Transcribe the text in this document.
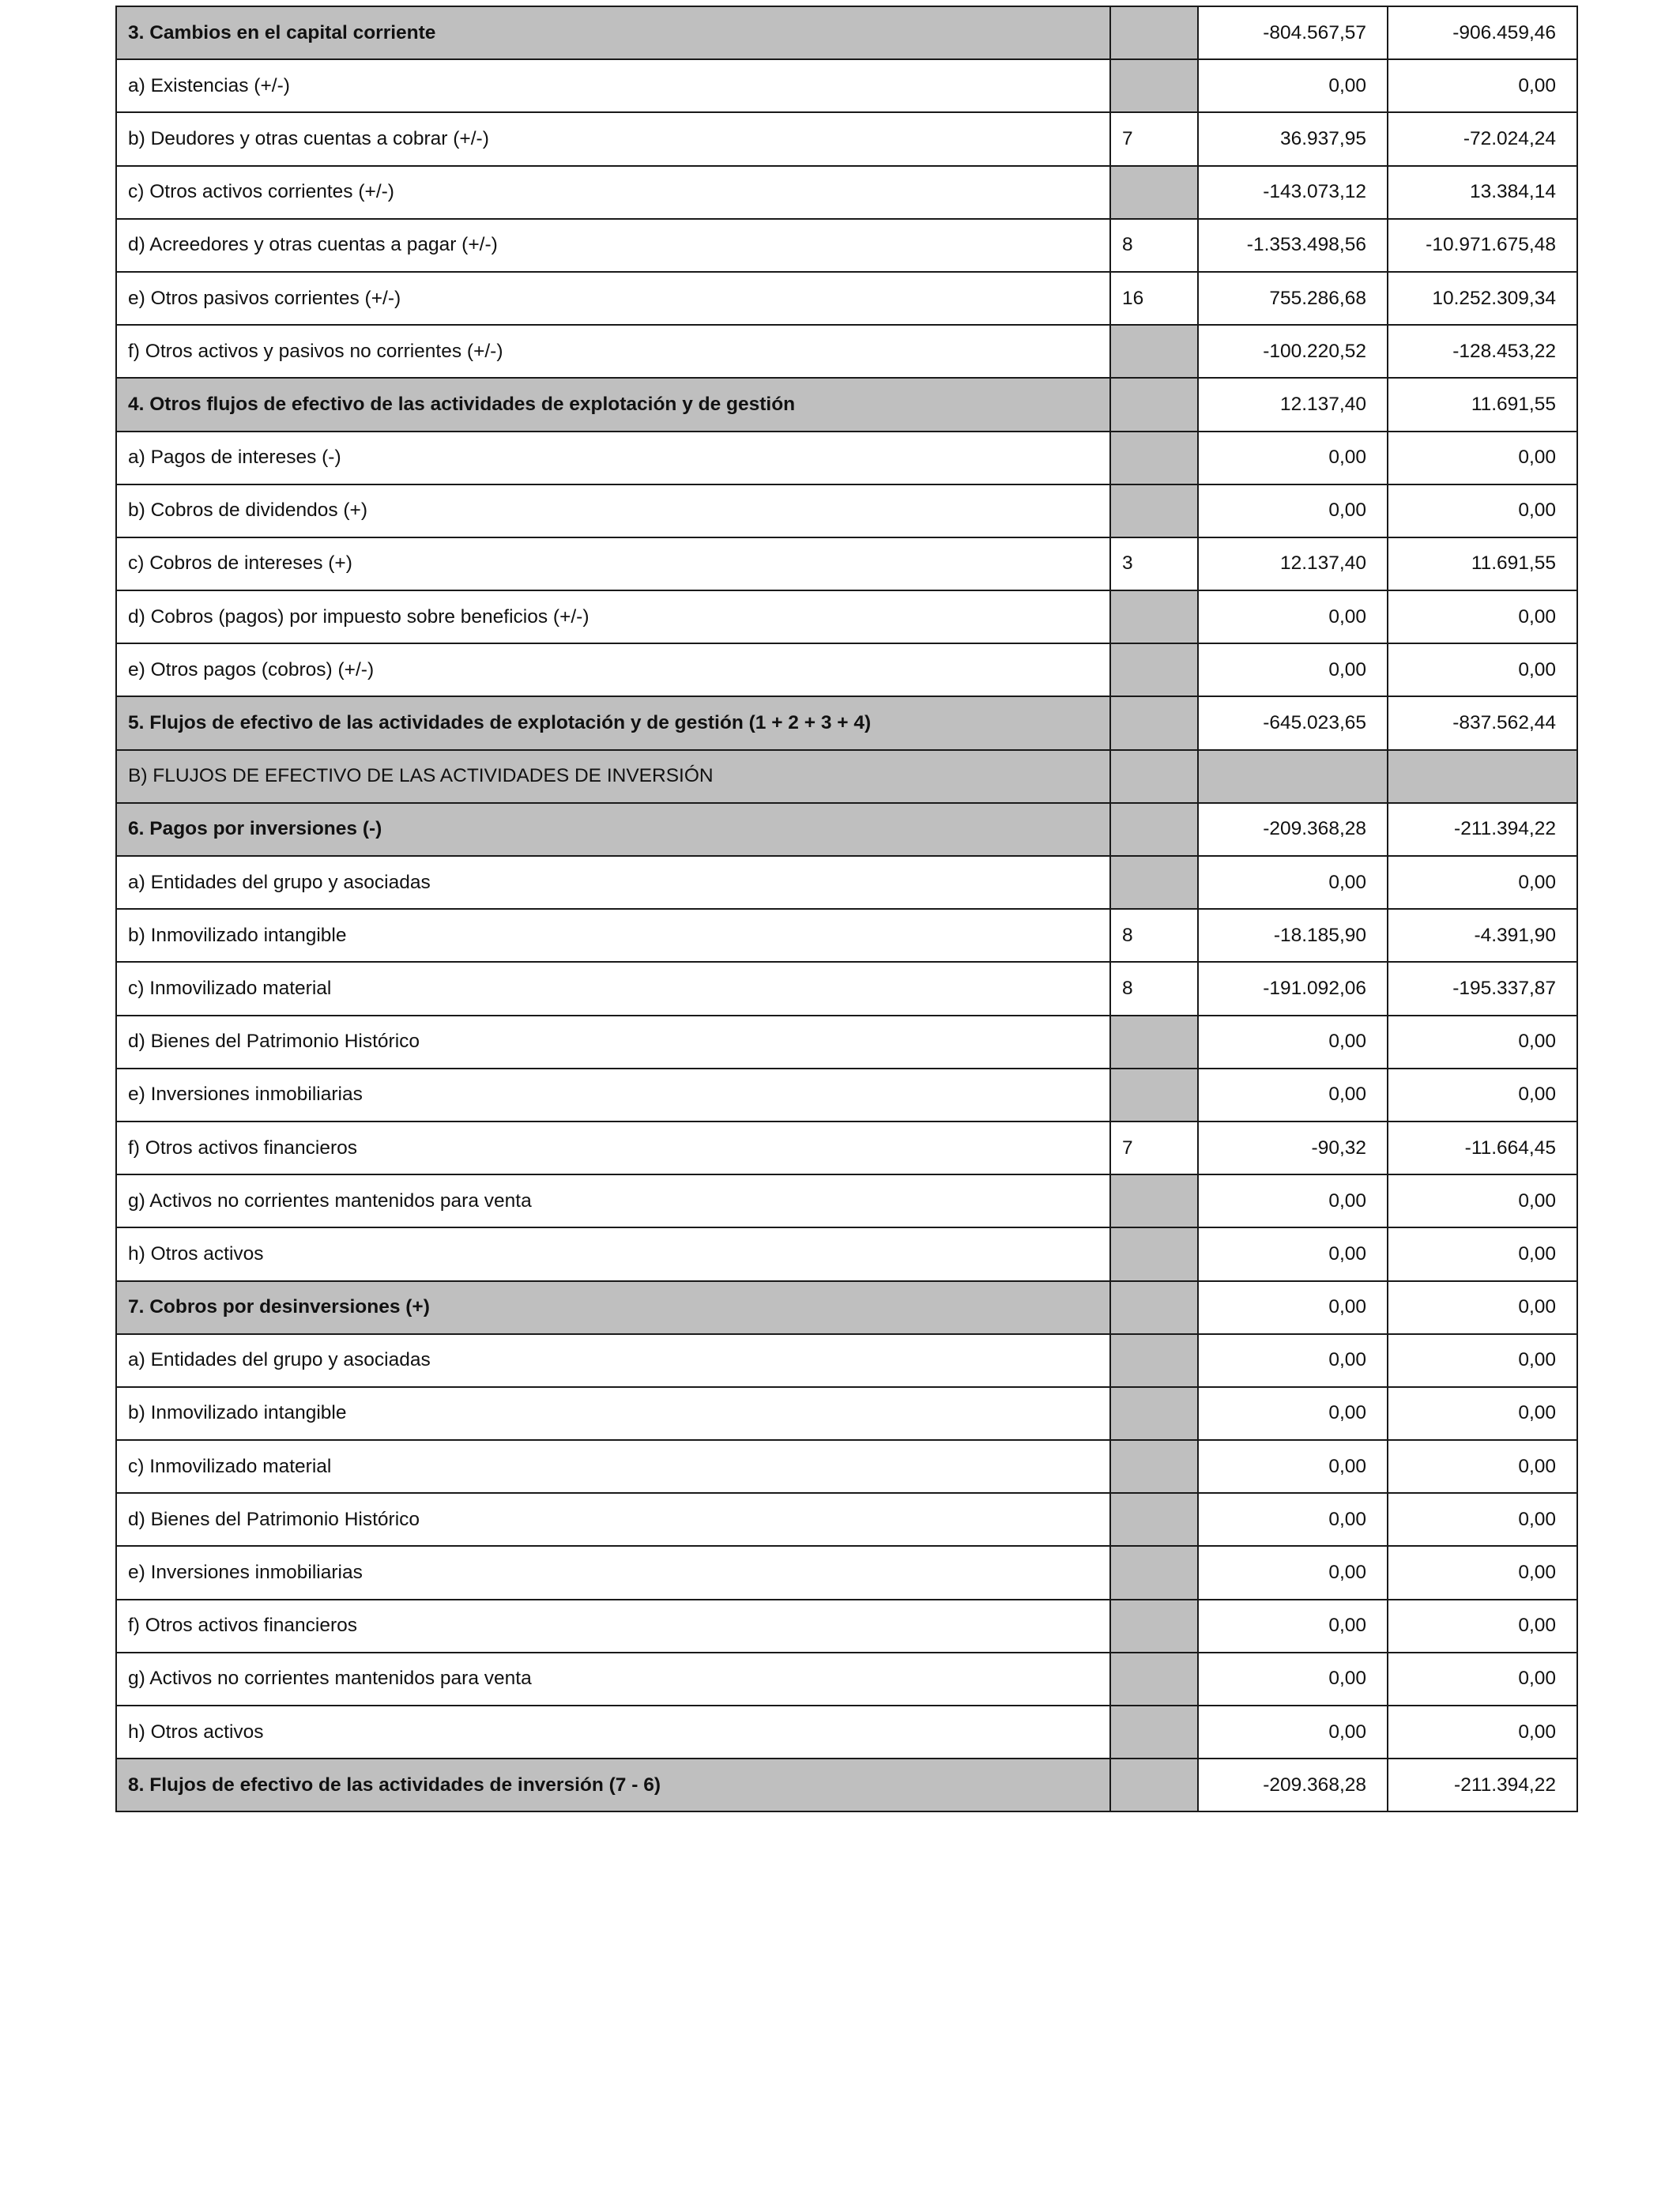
3. Cambios en el capital corriente		-804.567,57	-906.459,46
a) Existencias (+/-)		0,00	0,00
b) Deudores y otras cuentas a cobrar (+/-)	7	36.937,95	-72.024,24
c) Otros activos corrientes (+/-)		-143.073,12	13.384,14
d) Acreedores y otras cuentas a pagar (+/-)	8	-1.353.498,56	-10.971.675,48
e) Otros pasivos corrientes (+/-)	16	755.286,68	10.252.309,34
f) Otros activos y pasivos no corrientes (+/-)		-100.220,52	-128.453,22
4. Otros flujos de efectivo de las actividades de explotación y de gestión		12.137,40	11.691,55
a) Pagos de intereses (-)		0,00	0,00
b) Cobros de dividendos (+)		0,00	0,00
c) Cobros de intereses (+)	3	12.137,40	11.691,55
d) Cobros (pagos) por impuesto sobre beneficios (+/-)		0,00	0,00
e) Otros pagos (cobros) (+/-)		0,00	0,00
5. Flujos de efectivo de las actividades de explotación y de gestión (1 + 2 + 3 + 4)		-645.023,65	-837.562,44
B) FLUJOS DE EFECTIVO DE LAS ACTIVIDADES DE INVERSIÓN			
6. Pagos por inversiones (-)		-209.368,28	-211.394,22
a) Entidades del grupo y asociadas		0,00	0,00
b) Inmovilizado intangible	8	-18.185,90	-4.391,90
c) Inmovilizado material	8	-191.092,06	-195.337,87
d) Bienes del Patrimonio Histórico		0,00	0,00
e) Inversiones inmobiliarias		0,00	0,00
f) Otros activos financieros	7	-90,32	-11.664,45
g) Activos no corrientes mantenidos para venta		0,00	0,00
h) Otros activos		0,00	0,00
7. Cobros por desinversiones (+)		0,00	0,00
a) Entidades del grupo y asociadas		0,00	0,00
b) Inmovilizado intangible		0,00	0,00
c) Inmovilizado material		0,00	0,00
d) Bienes del Patrimonio Histórico		0,00	0,00
e) Inversiones inmobiliarias		0,00	0,00
f) Otros activos financieros		0,00	0,00
g) Activos no corrientes mantenidos para venta		0,00	0,00
h) Otros activos		0,00	0,00
8. Flujos de efectivo de las actividades de inversión (7 - 6)		-209.368,28	-211.394,22
